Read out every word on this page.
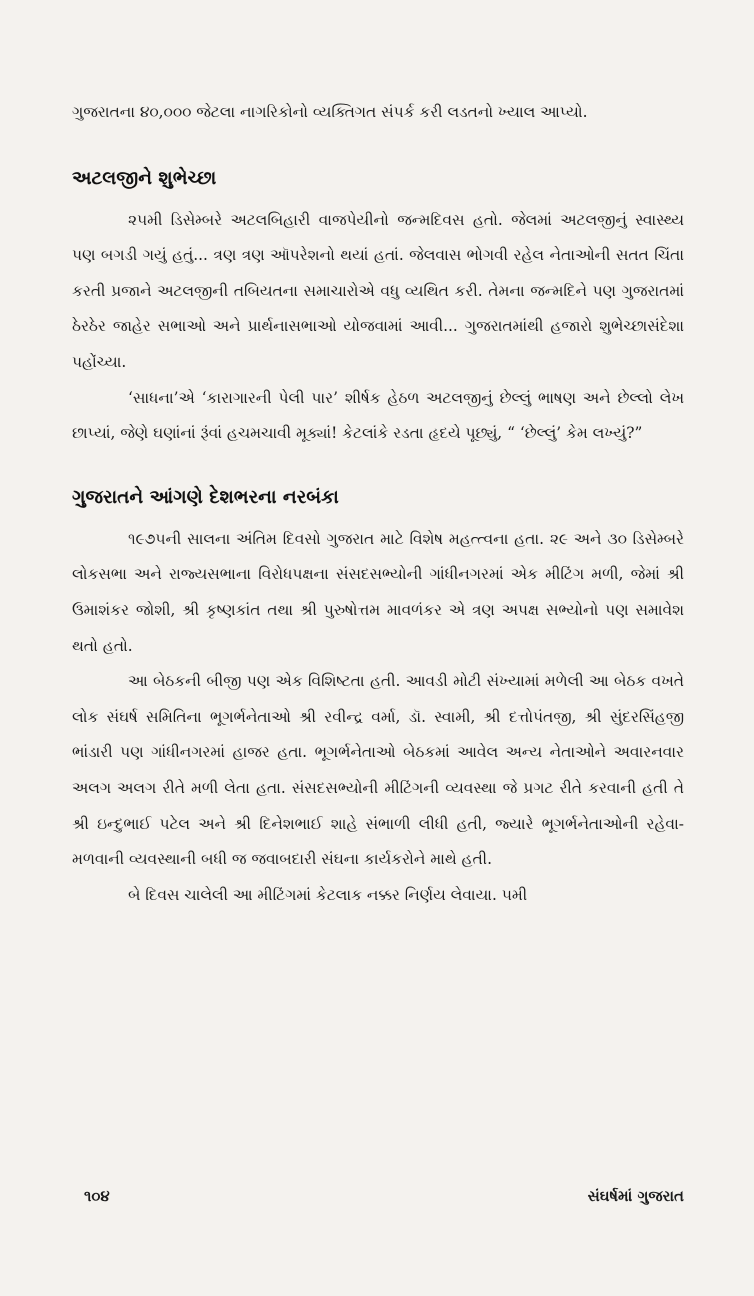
ગુજરાતના ૪૦,૦૦૦ જેટલા નાગરિકોનો વ્યક્તિગત સંપર્ક કરી લડતનો ખ્યાલ આપ્યો.

અટલજીને શુભેચ્છા

૨૫મી ડિસેમ્બરે અટલબિહારી વાજપેયીનો જન્મદિવસ હતો. જેલમાં અટલજીનું સ્વાસ્થ્ય પણ બગડી ગયું હતું... ત્રણ ત્રણ ઑપરેશનો થયાં હતાં. જેલવાસ ભોગવી રહેલ નેતાઓની સતત ચિંતા કરતી પ્રજાને અટલજીની તબિયતના સમાચારોએ વધુ વ્યથિત કરી. તેમના જન્મદિને પણ ગુજરાતમાં ઠેરઠેર જાહેર સભાઓ અને પ્રાર્થનાસભાઓ યોજવામાં આવી... ગુજરાતમાંથી હજારો શુભેચ્છાસંદેશા પહોંચ્યા.

‘સાધના’એ ‘કારાગારની પેલી પાર’ શીર્ષક હેઠળ અટલજીનું છેલ્લું ભાષણ અને છેલ્લો લેખ છાપ્યાં, જેણે ઘણાંનાં રૂંવાં હચમચાવી મૂક્યાં! કેટલાંકે રડતા હૃદયે પૂછ્યું, “ ‘છેલ્લું’ કેમ લખ્યું?”

ગુજરાતને આંગણે દેશભરના નરબંકા

૧૯૭૫ની સાલના અંતિમ દિવસો ગુજરાત માટે વિશેષ મહત્ત્વના હતા. ૨૯ અને ૩૦ ડિસેમ્બરે લોકસભા અને રાજ્યસભાના વિરોધપક્ષના સંસદસભ્યોની ગાંધીનગરમાં એક મીટિંગ મળી, જેમાં શ્રી ઉમાશંકર જોશી, શ્રી કૃષ્ણકાંત તથા શ્રી પુરુષોત્તમ માવળંકર એ ત્રણ અપક્ષ સભ્યોનો પણ સમાવેશ થતો હતો.

આ બેઠકની બીજી પણ એક વિશિષ્ટતા હતી. આવડી મોટી સંખ્યામાં મળેલી આ બેઠક વખતે લોક સંઘર્ષ સમિતિના ભૂગર્ભનેતાઓ શ્રી રવીન્દ્ર વર્મા, ડૉ. સ્વામી, શ્રી દત્તોપંતજી, શ્રી સુંદરસિંહજી ભાંડારી પણ ગાંધીનગરમાં હાજર હતા. ભૂગર્ભનેતાઓ બેઠકમાં આવેલ અન્ય નેતાઓને અવારનવાર અલગ અલગ રીતે મળી લેતા હતા. સંસદસભ્યોની મીટિંગની વ્યવસ્થા જે પ્રગટ રીતે કરવાની હતી તે શ્રી ઇન્દુભાઈ પટેલ અને શ્રી દિનેશભાઈ શાહે સંભાળી લીધી હતી, જ્યારે ભૂગર્ભનેતાઓની રહેવા-મળવાની વ્યવસ્થાની બધી જ જવાબદારી સંઘના કાર્યકરોને માથે હતી.

બે દિવસ ચાલેલી આ મીટિંગમાં કેટલાક નક્કર નિર્ણય લેવાયા. ૫મી

૧૦૪	સંઘર્ષમાં ગુજરાત
